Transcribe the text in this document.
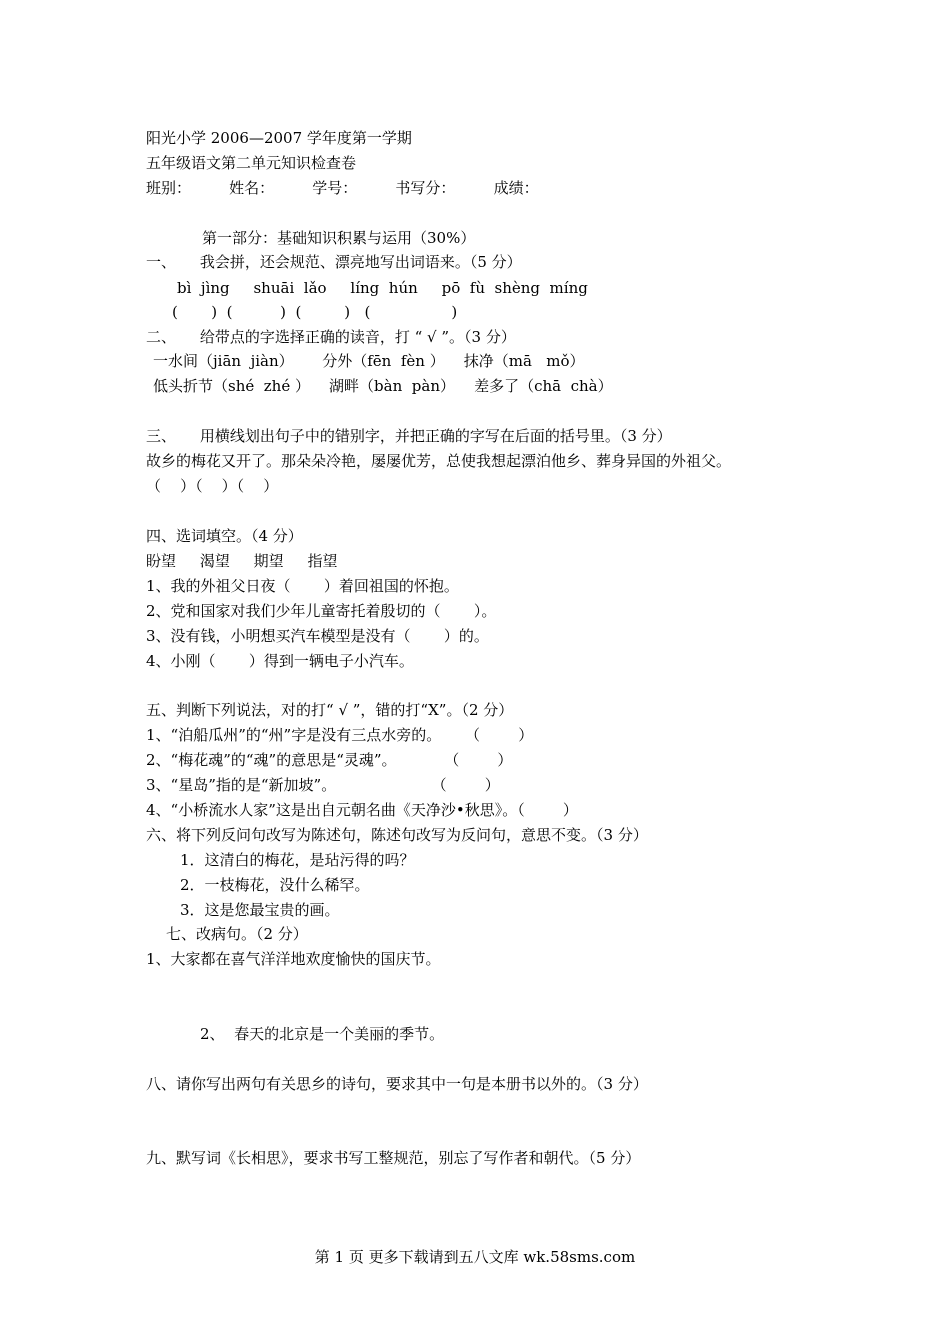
阳光小学 2006—2007 学年度第一学期
五年级语文第二单元知识检查卷
班别：        姓名：        学号：        书写分：        成绩：
第一部分：基础知识积累与运用（30%）
一、     我会拼，还会规范、漂亮地写出词语来。（5 分）
bì  jìng     shuāi  lǎo     líng  hún     pō  fù  shèng  míng
(       )  (          )  (         )   (                 )
二、     给带点的字选择正确的读音，打 “ √ ”。（3 分）
一水间（jiān  jiàn）      分外（fēn  fèn ）    抹净（mā   mǒ）
低头折节（shé  zhé ）    湖畔（bàn  pàn）    差多了（chā  chà）
三、     用横线划出句子中的错别字，并把正确的字写在后面的括号里。（3 分）
故乡的梅花又开了。那朵朵冷艳，屡屡优芳，总使我想起漂泊他乡、葬身异国的外祖父。
（    ）（    ）（    ）
四、选词填空。（4 分）
盼望     渴望     期望     指望
1、我的外祖父日夜（       ）着回祖国的怀抱。
2、党和国家对我们少年儿童寄托着殷切的（       ）。
3、没有钱，小明想买汽车模型是没有（       ）的。
4、小刚（       ）得到一辆电子小汽车。
五、判断下列说法，对的打“ √ ”，错的打“X”。（2 分）
1、“泊船瓜州”的“州”字是没有三点水旁的。     （        ）
2、“梅花魂”的“魂”的意思是“灵魂”。          （        ）
3、“星岛”指的是“新加坡”。                    （        ）
4、“小桥流水人家”这是出自元朝名曲《天净沙•秋思》。（        ）
六、将下列反问句改写为陈述句，陈述句改写为反问句，意思不变。（3 分）
1．这清白的梅花，是玷污得的吗？
2．一枝梅花，没什么稀罕。
3．这是您最宝贵的画。
七、改病句。（2 分）
1、大家都在喜气洋洋地欢度愉快的国庆节。
2、  春天的北京是一个美丽的季节。
八、请你写出两句有关思乡的诗句，要求其中一句是本册书以外的。（3 分）
九、默写词《长相思》，要求书写工整规范，别忘了写作者和朝代。（5 分）
第 1 页 更多下载请到五八文库 wk.58sms.com
